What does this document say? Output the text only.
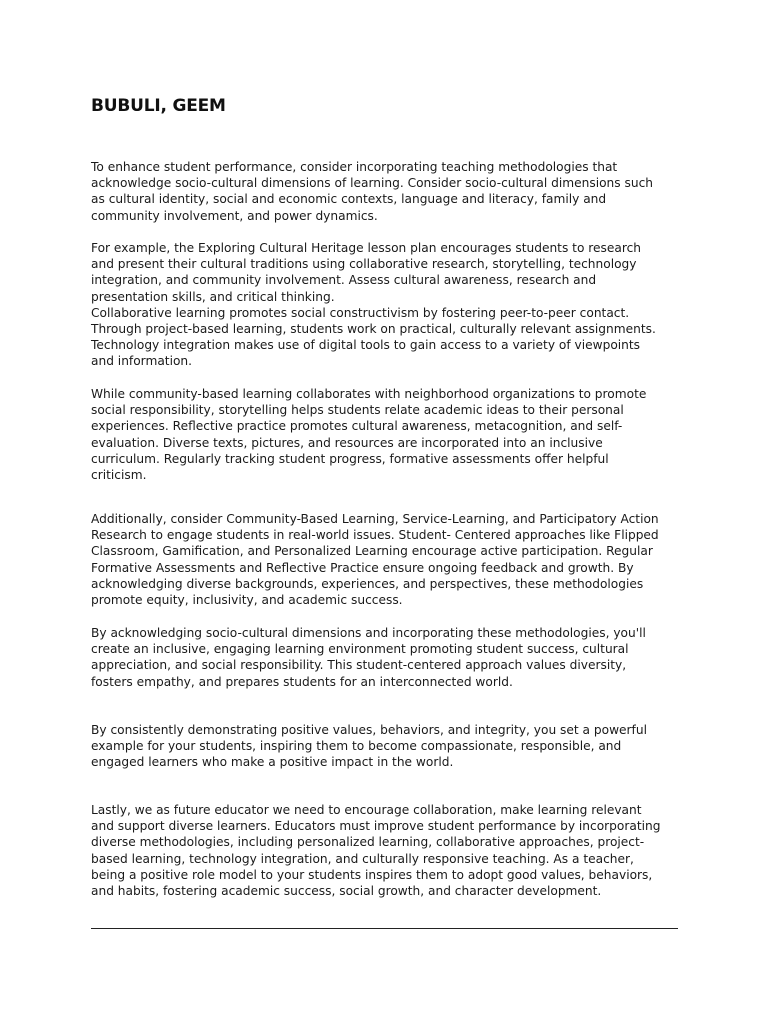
BUBULI, GEEM

To enhance student performance, consider incorporating teaching methodologies that
acknowledge socio-cultural dimensions of learning. Consider socio-cultural dimensions such
as cultural identity, social and economic contexts, language and literacy, family and
community involvement, and power dynamics.

For example, the Exploring Cultural Heritage lesson plan encourages students to research
and present their cultural traditions using collaborative research, storytelling, technology
integration, and community involvement. Assess cultural awareness, research and
presentation skills, and critical thinking.
Collaborative learning promotes social constructivism by fostering peer-to-peer contact.
Through project-based learning, students work on practical, culturally relevant assignments.
Technology integration makes use of digital tools to gain access to a variety of viewpoints
and information.

While community-based learning collaborates with neighborhood organizations to promote
social responsibility, storytelling helps students relate academic ideas to their personal
experiences. Reflective practice promotes cultural awareness, metacognition, and self-
evaluation. Diverse texts, pictures, and resources are incorporated into an inclusive
curriculum. Regularly tracking student progress, formative assessments offer helpful
criticism.

Additionally, consider Community-Based Learning, Service-Learning, and Participatory Action
Research to engage students in real-world issues. Student- Centered approaches like Flipped
Classroom, Gamification, and Personalized Learning encourage active participation. Regular
Formative Assessments and Reflective Practice ensure ongoing feedback and growth. By
acknowledging diverse backgrounds, experiences, and perspectives, these methodologies
promote equity, inclusivity, and academic success.

By acknowledging socio-cultural dimensions and incorporating these methodologies, you'll
create an inclusive, engaging learning environment promoting student success, cultural
appreciation, and social responsibility. This student-centered approach values diversity,
fosters empathy, and prepares students for an interconnected world.

By consistently demonstrating positive values, behaviors, and integrity, you set a powerful
example for your students, inspiring them to become compassionate, responsible, and
engaged learners who make a positive impact in the world.

Lastly, we as future educator we need to encourage collaboration, make learning relevant
and support diverse learners. Educators must improve student performance by incorporating
diverse methodologies, including personalized learning, collaborative approaches, project-
based learning, technology integration, and culturally responsive teaching. As a teacher,
being a positive role model to your students inspires them to adopt good values, behaviors,
and habits, fostering academic success, social growth, and character development.
